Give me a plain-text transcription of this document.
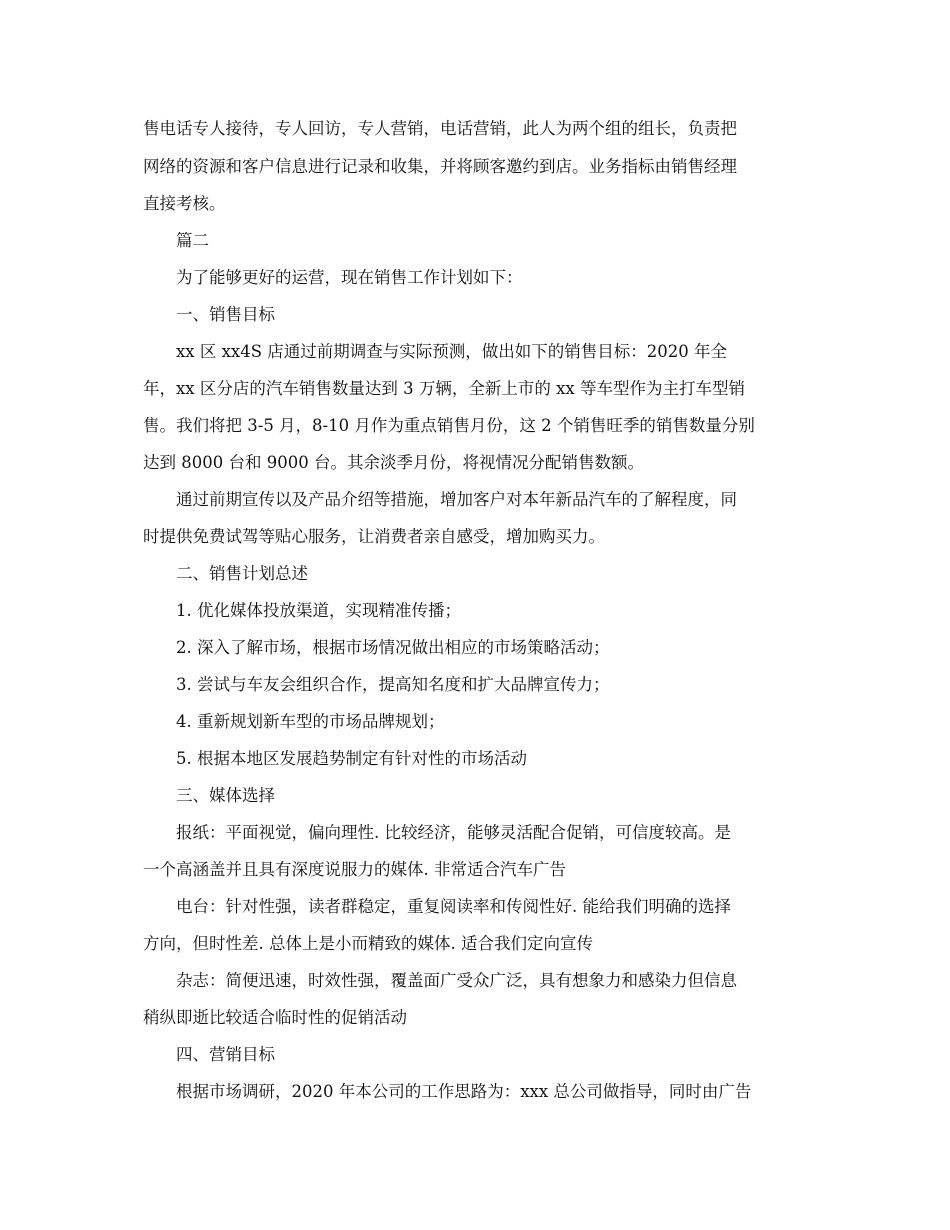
售电话专人接待，专人回访，专人营销，电话营销，此人为两个组的组长，负责把
网络的资源和客户信息进行记录和收集，并将顾客邀约到店。业务指标由销售经理
直接考核。
篇二
为了能够更好的运营，现在销售工作计划如下：
一、销售目标
xx 区 xx4S 店通过前期调查与实际预测，做出如下的销售目标：2020 年全
年，xx 区分店的汽车销售数量达到 3 万辆，全新上市的 xx 等车型作为主打车型销
售。我们将把 3-5 月，8-10 月作为重点销售月份，这 2 个销售旺季的销售数量分别
达到 8000 台和 9000 台。其余淡季月份，将视情况分配销售数额。
通过前期宣传以及产品介绍等措施，增加客户对本年新品汽车的了解程度，同
时提供免费试驾等贴心服务，让消费者亲自感受，增加购买力。
二、销售计划总述
1. 优化媒体投放渠道，实现精准传播；
2. 深入了解市场，根据市场情况做出相应的市场策略活动；
3. 尝试与车友会组织合作，提高知名度和扩大品牌宣传力；
4. 重新规划新车型的市场品牌规划；
5. 根据本地区发展趋势制定有针对性的市场活动
三、媒体选择
报纸：平面视觉，偏向理性. 比较经济，能够灵活配合促销，可信度较高。是
一个高涵盖并且具有深度说服力的媒体. 非常适合汽车广告
电台：针对性强，读者群稳定，重复阅读率和传阅性好. 能给我们明确的选择
方向，但时性差. 总体上是小而精致的媒体. 适合我们定向宣传
杂志：简便迅速，时效性强，覆盖面广受众广泛，具有想象力和感染力但信息
稍纵即逝比较适合临时性的促销活动
四、营销目标
根据市场调研，2020 年本公司的工作思路为：xxx 总公司做指导，同时由广告
